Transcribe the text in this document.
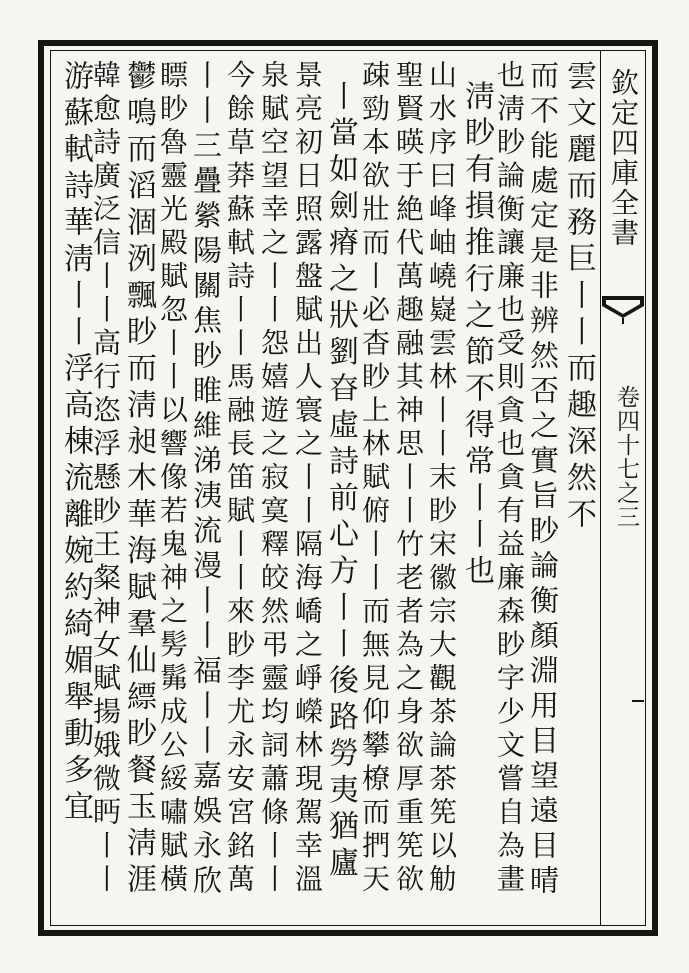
欽定四庫全書
卷四十七之三
雲文麗而務巨丨丨而趣深然不
而不能處定是非辨然否之實旨眇論衡顏淵用目望遠目晴
也淸眇論衡讓廉也受則貪也貪有益廉森眇字少文嘗自為畫
淸眇有損推行之節不得常丨丨也
山水序曰峰岫嶢嶷雲林丨丨末眇宋徽宗大觀茶論茶筅以觔
聖賢暎于絶代萬趣融其神思丨丨竹老者為之身欲厚重筅欲
疎勁本欲壯而丨必杳眇上林賦俯丨丨而無見仰攀橑而捫天
丨當如劍瘠之狀劉昚虛詩前心方丨丨後路勞夷猶廬
景亮初日照露盤賦出人寰之丨丨隔海嶠之崢嶸林現駕幸溫
泉賦空望幸之丨丨怨嬉遊之寂寞釋皎然弔靈均詞蕭條丨丨
今餘草莽蘇軾詩丨丨馬融長笛賦丨丨來眇李尤永安宮銘萬
丨丨三疊縈陽關焦眇睢維涕洟流漫丨丨福丨丨嘉娛永欣
瞟眇魯靈光殿賦忽丨丨以響像若鬼神之髣髴成公綏嘯賦橫
鬱鳴而滔涸洌飄眇而淸昶木華海賦羣仙縹眇餐玉淸涯
韓愈詩廣泛信丨丨高行恣浮懸眇王粲神女賦揚娥微眄丨丨
游蘇軾詩華淸丨丨浮高棟流離婉約綺媚舉動多宜
